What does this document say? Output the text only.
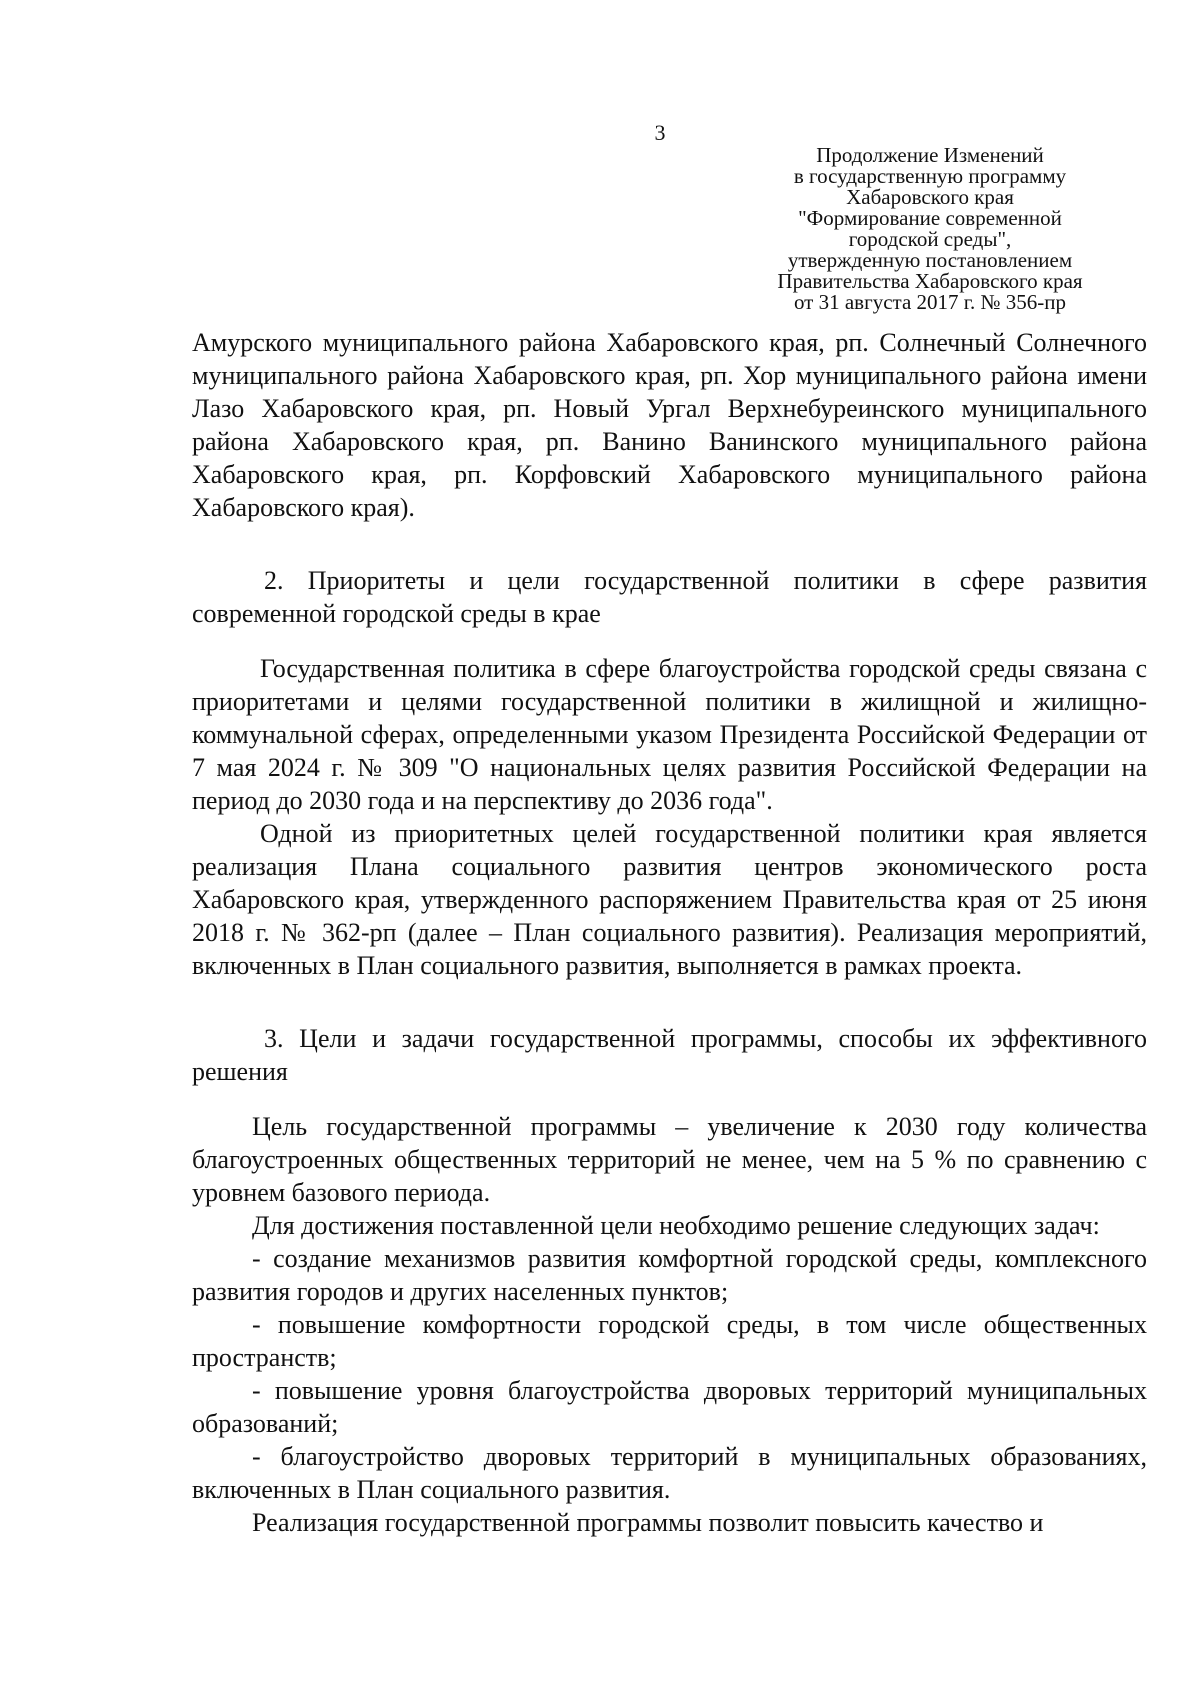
3
Продолжение Изменений
в государственную программу
Хабаровского края
"Формирование современной
городской среды",
утвержденную постановлением
Правительства Хабаровского края
от 31 августа 2017 г. № 356-пр

Амурского муниципального района Хабаровского края, рп. Солнечный Солнечного муниципального района Хабаровского края, рп. Хор муниципального района имени Лазо Хабаровского края, рп. Новый Ургал Верхнебуреинского муниципального района Хабаровского края, рп. Ванино Ванинского муниципального района Хабаровского края, рп. Корфовский Хабаровского муниципального района Хабаровского края).

2. Приоритеты и цели государственной политики в сфере развития современной городской среды в крае

Государственная политика в сфере благоустройства городской среды связана с приоритетами и целями государственной политики в жилищной и жилищно-коммунальной сферах, определенными указом Президента Российской Федерации от 7 мая 2024 г. № 309 "О национальных целях развития Российской Федерации на период до 2030 года и на перспективу до 2036 года".

Одной из приоритетных целей государственной политики края является реализация Плана социального развития центров экономического роста Хабаровского края, утвержденного распоряжением Правительства края от 25 июня 2018 г. № 362-рп (далее – План социального развития). Реализация мероприятий, включенных в План социального развития, выполняется в рамках проекта.

3. Цели и задачи государственной программы, способы их эффективного решения

Цель государственной программы – увеличение к 2030 году количества благоустроенных общественных территорий не менее, чем на 5 % по сравнению с уровнем базового периода.

Для достижения поставленной цели необходимо решение следующих задач:

- создание механизмов развития комфортной городской среды, комплексного развития городов и других населенных пунктов;

- повышение комфортности городской среды, в том числе общественных пространств;

- повышение уровня благоустройства дворовых территорий муниципальных образований;

- благоустройство дворовых территорий в муниципальных образованиях, включенных в План социального развития.

Реализация государственной программы позволит повысить качество и
